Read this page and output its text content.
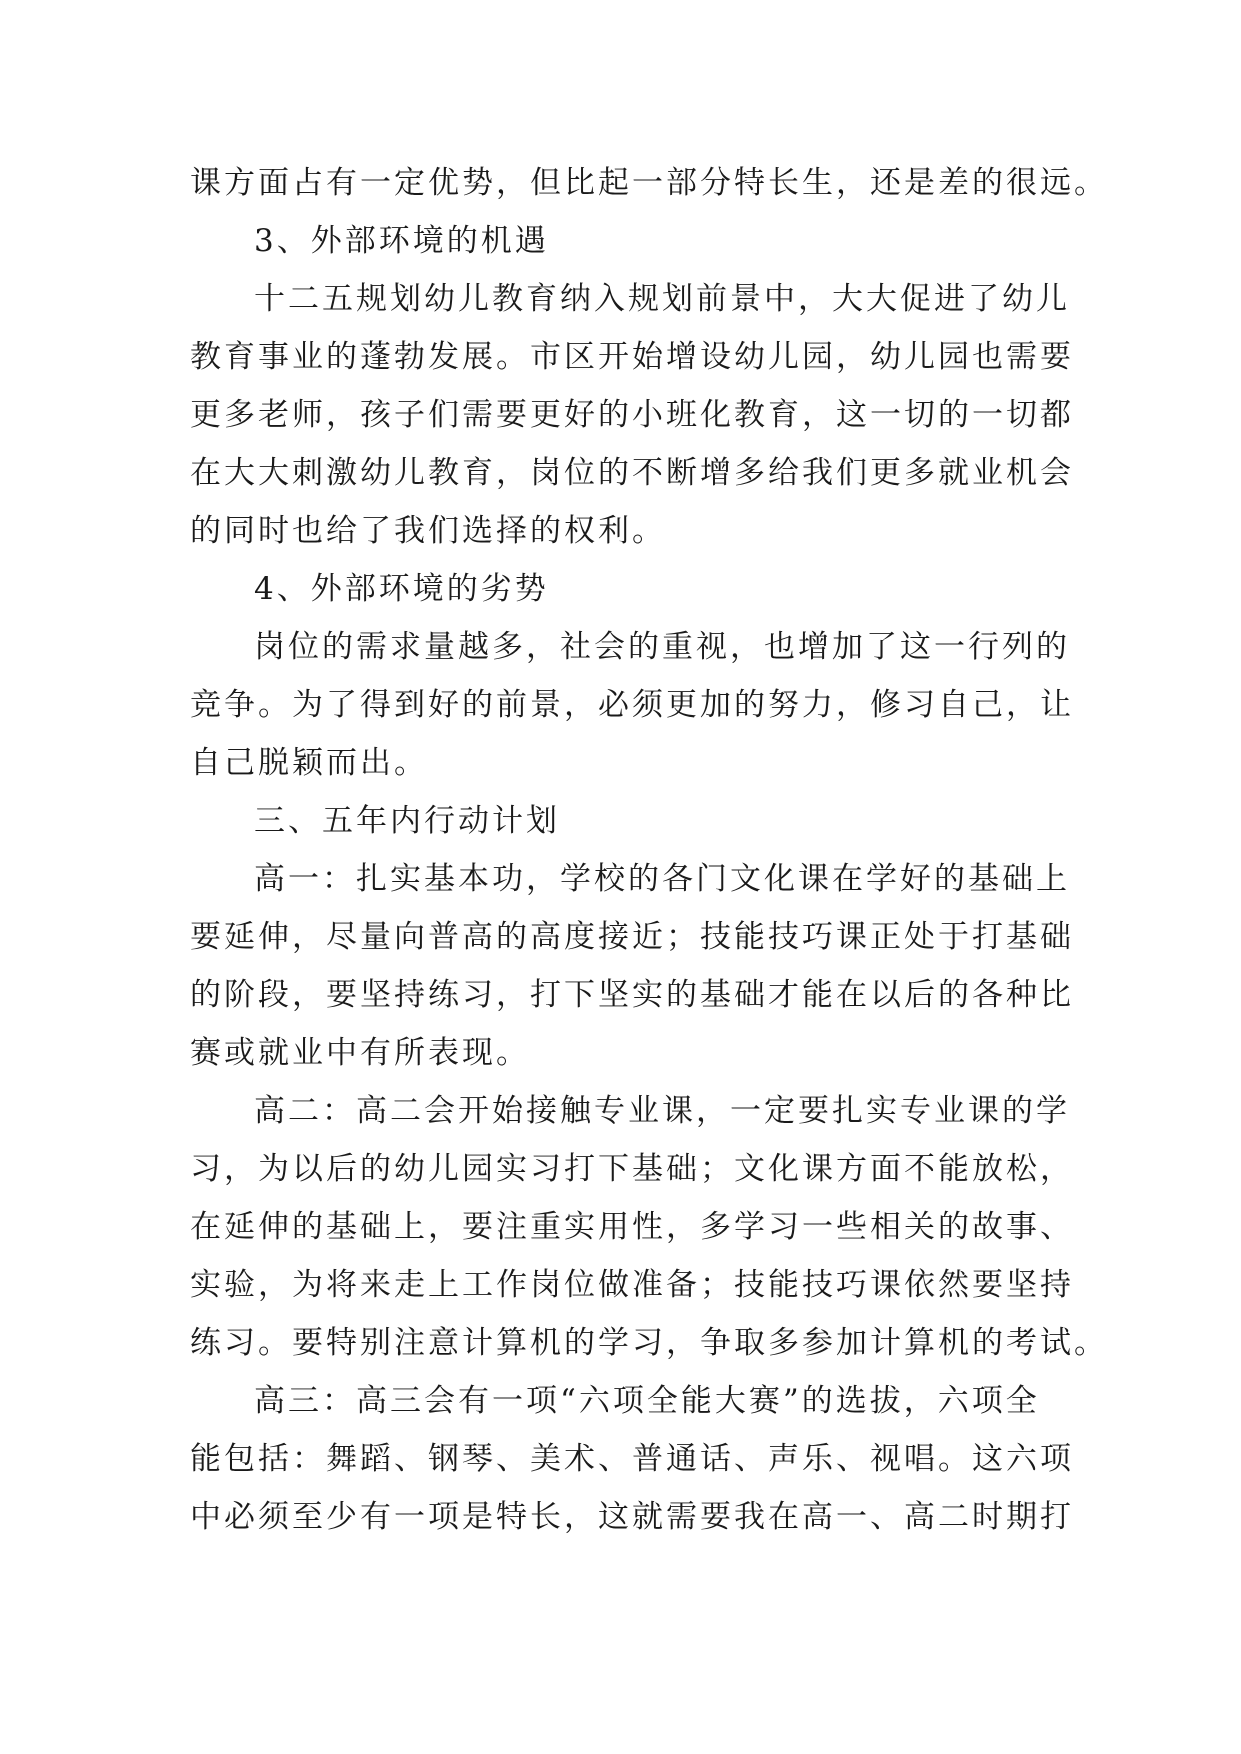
课方面占有一定优势，但比起一部分特长生，还是差的很远。
3、外部环境的机遇
十二五规划幼儿教育纳入规划前景中，大大促进了幼儿
教育事业的蓬勃发展。市区开始增设幼儿园，幼儿园也需要
更多老师，孩子们需要更好的小班化教育，这一切的一切都
在大大刺激幼儿教育，岗位的不断增多给我们更多就业机会
的同时也给了我们选择的权利。
4、外部环境的劣势
岗位的需求量越多，社会的重视，也增加了这一行列的
竞争。为了得到好的前景，必须更加的努力，修习自己，让
自己脱颖而出。
三、五年内行动计划
高一：扎实基本功，学校的各门文化课在学好的基础上
要延伸，尽量向普高的高度接近；技能技巧课正处于打基础
的阶段，要坚持练习，打下坚实的基础才能在以后的各种比
赛或就业中有所表现。
高二：高二会开始接触专业课，一定要扎实专业课的学
习，为以后的幼儿园实习打下基础；文化课方面不能放松，
在延伸的基础上，要注重实用性，多学习一些相关的故事、
实验，为将来走上工作岗位做准备；技能技巧课依然要坚持
练习。要特别注意计算机的学习，争取多参加计算机的考试。
高三：高三会有一项“六项全能大赛”的选拔，六项全
能包括：舞蹈、钢琴、美术、普通话、声乐、视唱。这六项
中必须至少有一项是特长，这就需要我在高一、高二时期打
